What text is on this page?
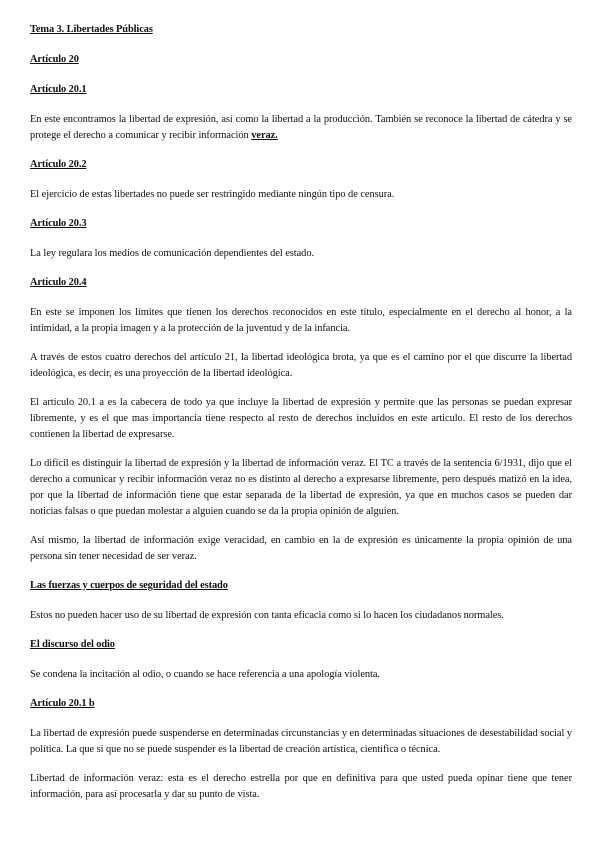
Tema 3. Libertades Públicas
Artículo 20
Artículo 20.1
En este encontramos la libertad de expresión, así como la libertad a la producción. También se reconoce la libertad de cátedra y se protege el derecho a comunicar y recibir información veraz.
Artículo 20.2
El ejercicio de estas libertades no puede ser restringido mediante ningún tipo de censura.
Artículo 20.3
La ley regulara los medios de comunicación dependientes del estado.
Artículo 20.4
En este se imponen los límites que tienen los derechos reconocidos en este título, especialmente en el derecho al honor, a la intimidad, a la propia imagen y a la protección de la juventud y de la infancia.
A través de estos cuatro derechos del artículo 21, la libertad ideológica brota, ya que es el camino por el que discurre la libertad ideológica, es decir, es una proyección de la libertad ideológica.
El articulo 20.1 a es la cabecera de todo ya que incluye la libertad de expresión y permite que las personas se puedan expresar libremente, y es el que mas importancia tiene respecto al resto de derechos incluidos en este articulo. El resto de los derechos contienen la libertad de expresarse.
Lo difícil es distinguir la libertad de expresión y la libertad de información veraz. El TC a través de la sentencia 6/1931, dijo que el derecho a comunicar y recibir información veraz no es distinto al derecho a expresarse libremente, pero después matizó en la idea, por que la libertad de información tiene que estar separada de la libertad de expresión, ya que en muchos casos se pueden dar noticias falsas o que puedan molestar a alguien cuando se da la propia opinión de alguien.
Así mismo, la libertad de información exige veracidad, en cambio en la de expresión es únicamente la propia opinión de una persona sin tener necesidad de ser veraz.
Las fuerzas y cuerpos de seguridad del estado
Estos no pueden hacer uso de su libertad de expresión con tanta eficacia como si lo hacen los ciudadanos normales.
El discurso del odio
Se condena la incitación al odio, o cuando se hace referencia a una apología violenta.
Artículo 20.1 b
La libertad de expresión puede suspenderse en determinadas circunstancias y en determinadas situaciones de desestabilidad social y política. La que si que no se puede suspender es la libertad de creación artística, científica o técnica.
Libertad de información veraz: esta es el derecho estrella por que en definitiva para que usted pueda opinar tiene que tener información, para así procesarla y dar su punto de vista.
